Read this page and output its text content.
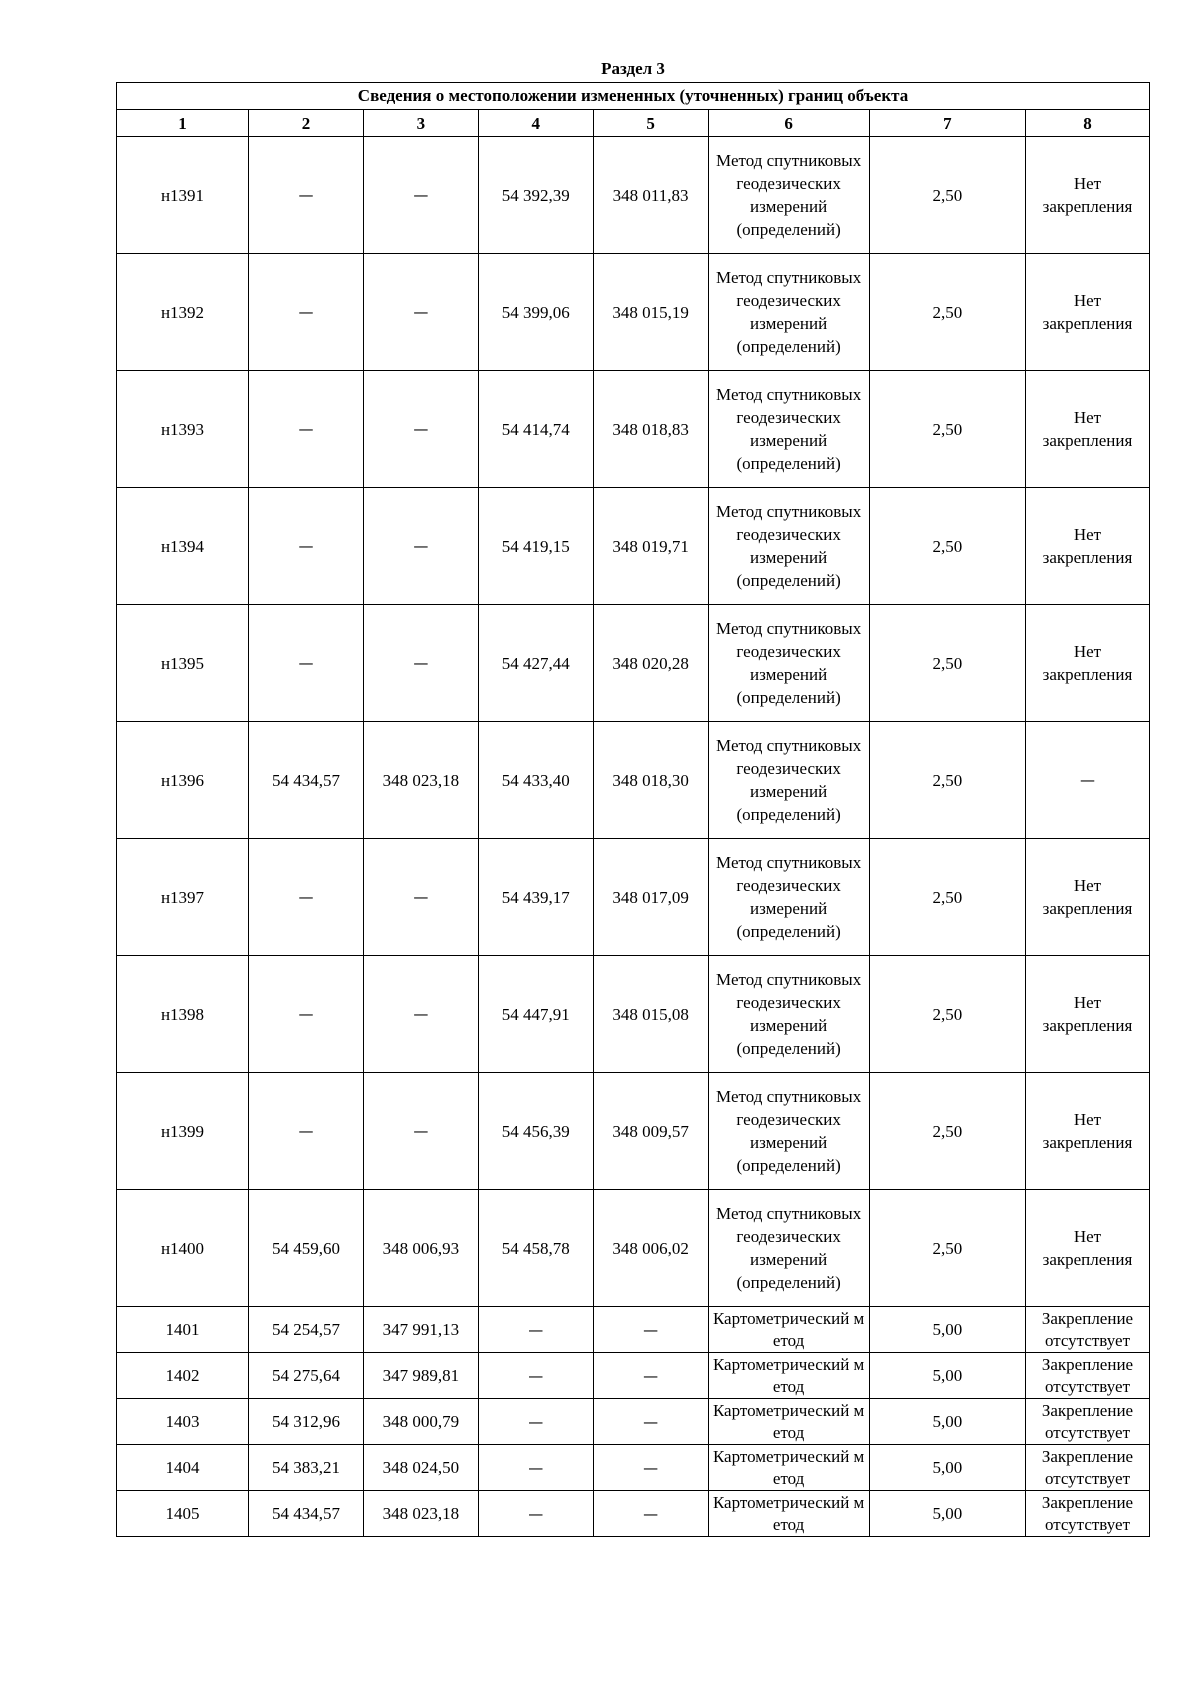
Раздел 3
Сведения о местоположении измененных (уточненных) границ объекта							
1	2	3	4	5	6	7	8
н1391	—	—	54 392,39	348 011,83	Метод спутниковых геодезических измерений (определений)	2,50	Нет закрепления
н1392	—	—	54 399,06	348 015,19	Метод спутниковых геодезических измерений (определений)	2,50	Нет закрепления
н1393	—	—	54 414,74	348 018,83	Метод спутниковых геодезических измерений (определений)	2,50	Нет закрепления
н1394	—	—	54 419,15	348 019,71	Метод спутниковых геодезических измерений (определений)	2,50	Нет закрепления
н1395	—	—	54 427,44	348 020,28	Метод спутниковых геодезических измерений (определений)	2,50	Нет закрепления
н1396	54 434,57	348 023,18	54 433,40	348 018,30	Метод спутниковых геодезических измерений (определений)	2,50	—
н1397	—	—	54 439,17	348 017,09	Метод спутниковых геодезических измерений (определений)	2,50	Нет закрепления
н1398	—	—	54 447,91	348 015,08	Метод спутниковых геодезических измерений (определений)	2,50	Нет закрепления
н1399	—	—	54 456,39	348 009,57	Метод спутниковых геодезических измерений (определений)	2,50	Нет закрепления
н1400	54 459,60	348 006,93	54 458,78	348 006,02	Метод спутниковых геодезических измерений (определений)	2,50	Нет закрепления
1401	54 254,57	347 991,13	—	—	Картометрический метод	5,00	Закрепление отсутствует
1402	54 275,64	347 989,81	—	—	Картометрический метод	5,00	Закрепление отсутствует
1403	54 312,96	348 000,79	—	—	Картометрический метод	5,00	Закрепление отсутствует
1404	54 383,21	348 024,50	—	—	Картометрический метод	5,00	Закрепление отсутствует
1405	54 434,57	348 023,18	—	—	Картометрический метод	5,00	Закрепление отсутствует
